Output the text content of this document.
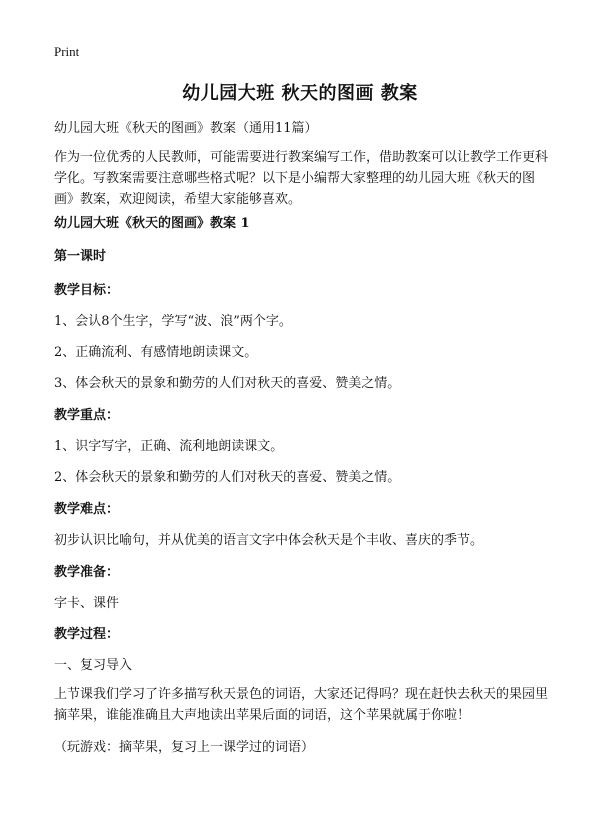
Print
幼儿园大班 秋天的图画 教案
幼儿园大班《秋天的图画》教案（通用11篇）
作为一位优秀的人民教师，可能需要进行教案编写工作，借助教案可以让教学工作更科学化。写教案需要注意哪些格式呢？以下是小编帮大家整理的幼儿园大班《秋天的图画》教案，欢迎阅读，希望大家能够喜欢。
幼儿园大班《秋天的图画》教案 1
第一课时
教学目标：
1、会认8个生字，学写“波、浪”两个字。
2、正确流利、有感情地朗读课文。
3、体会秋天的景象和勤劳的人们对秋天的喜爱、赞美之情。
教学重点：
1、识字写字，正确、流利地朗读课文。
2、体会秋天的景象和勤劳的人们对秋天的喜爱、赞美之情。
教学难点：
初步认识比喻句，并从优美的语言文字中体会秋天是个丰收、喜庆的季节。
教学准备：
字卡、课件
教学过程：
一、复习导入
上节课我们学习了许多描写秋天景色的词语，大家还记得吗？现在赶快去秋天的果园里摘苹果，谁能准确且大声地读出苹果后面的词语，这个苹果就属于你啦！
（玩游戏：摘苹果，复习上一课学过的词语）
